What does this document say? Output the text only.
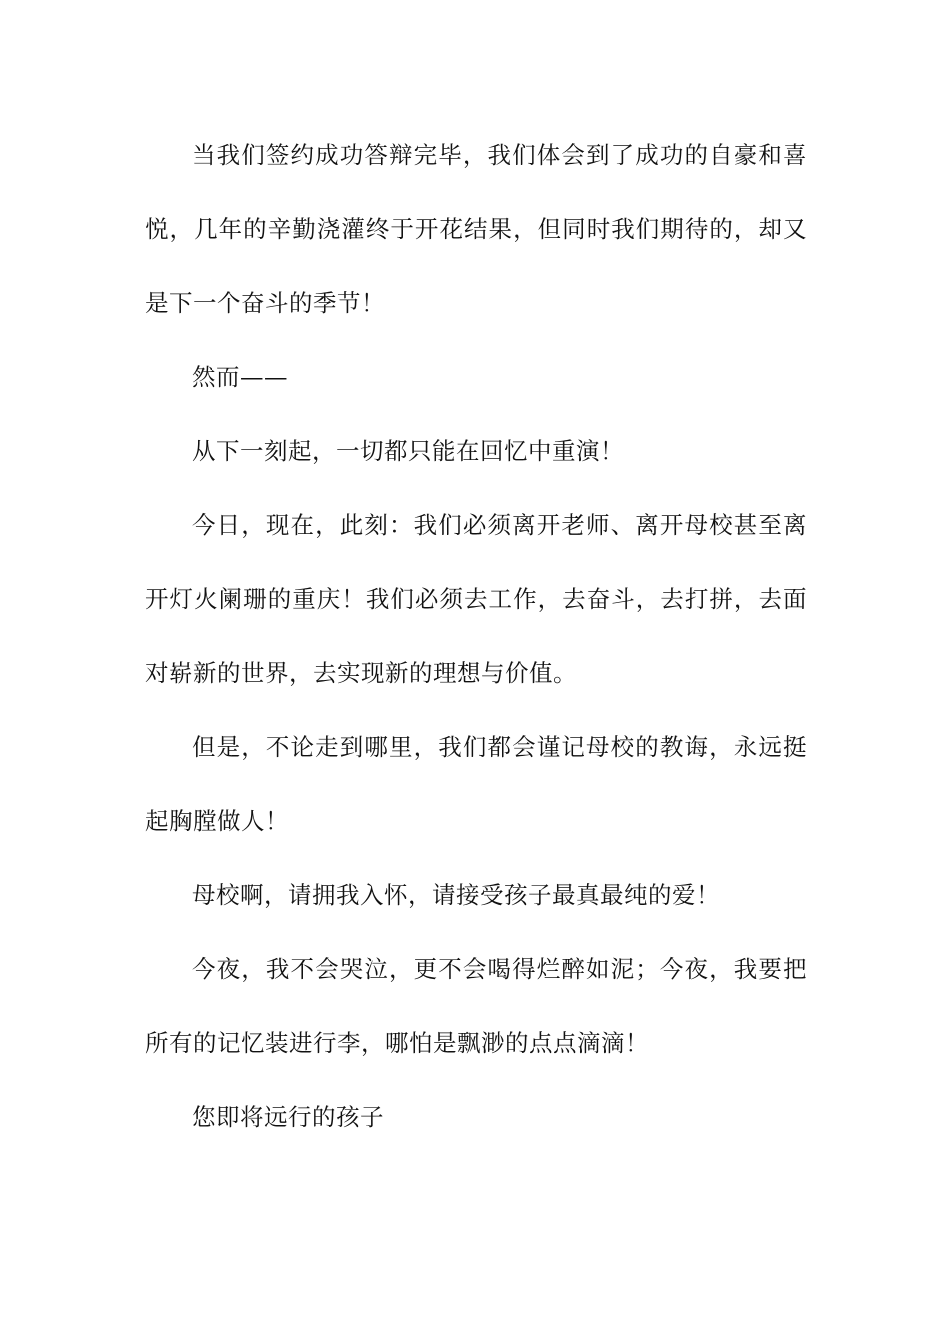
当我们签约成功答辩完毕，我们体会到了成功的自豪和喜悦，几年的辛勤浇灌终于开花结果，但同时我们期待的，却又是下一个奋斗的季节！

然而——

从下一刻起，一切都只能在回忆中重演！

今日，现在，此刻：我们必须离开老师、离开母校甚至离开灯火阑珊的重庆！我们必须去工作，去奋斗，去打拼，去面对崭新的世界，去实现新的理想与价值。

但是，不论走到哪里，我们都会谨记母校的教诲，永远挺起胸膛做人！

母校啊，请拥我入怀，请接受孩子最真最纯的爱！

今夜，我不会哭泣，更不会喝得烂醉如泥；今夜，我要把所有的记忆装进行李，哪怕是飘渺的点点滴滴！

您即将远行的孩子
